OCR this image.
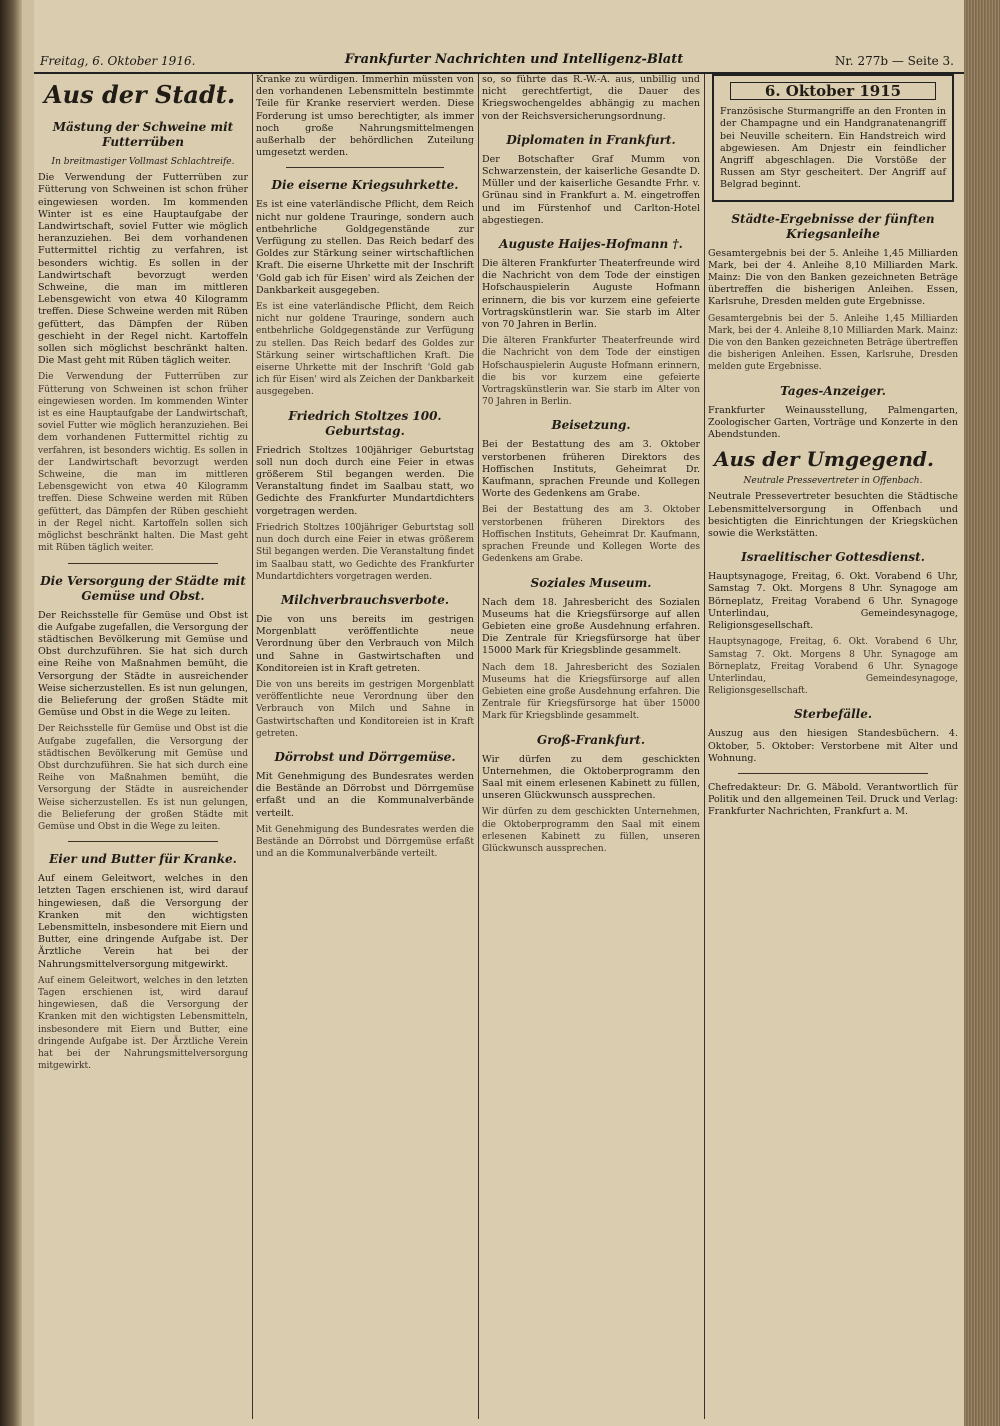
Freitag, 6. Oktober 1916.	Frankfurter Nachrichten und Intelligenz-Blatt	Nr. 277b — Seite 3.
Aus der Stadt.
Mästung der Schweine mit Futterrüben
In breitmastiger Vollmast Schlachtreife.

Die Verwendung der Futterrüben zur Fütterung von Schweinen ist schon früher eingewiesen worden. Im kommenden Winter ist es eine Hauptaufgabe der Landwirtschaft, soviel Futter wie möglich heranzuziehen. Bei dem vorhandenen Futtermittel richtig zu verfahren, ist besonders wichtig. Es sollen in der Landwirtschaft bevorzugt werden Schweine, die man im mittleren Lebensgewicht von etwa 40 Kilogramm treffen. Diese Schweine werden mit Rüben gefüttert, das Dämpfen der Rüben geschieht in der Regel nicht. Kartoffeln sollen sich möglichst beschränkt halten. Die Mast geht mit Rüben täglich weiter.

Die Verwendung der Futterrüben zur Fütterung von Schweinen ist schon früher eingewiesen worden. Im kommenden Winter ist es eine Hauptaufgabe der Landwirtschaft, soviel Futter wie möglich heranzuziehen. Bei dem vorhandenen Futtermittel richtig zu verfahren, ist besonders wichtig. Es sollen in der Landwirtschaft bevorzugt werden Schweine, die man im mittleren Lebensgewicht von etwa 40 Kilogramm treffen. Diese Schweine werden mit Rüben gefüttert, das Dämpfen der Rüben geschieht in der Regel nicht. Kartoffeln sollen sich möglichst beschränkt halten. Die Mast geht mit Rüben täglich weiter.
Die Versorgung der Städte mit Gemüse und Obst.

Der Reichsstelle für Gemüse und Obst ist die Aufgabe zugefallen, die Versorgung der städtischen Bevölkerung mit Gemüse und Obst durchzuführen. Sie hat sich durch eine Reihe von Maßnahmen bemüht, die Versorgung der Städte in ausreichender Weise sicherzustellen. Es ist nun gelungen, die Belieferung der großen Städte mit Gemüse und Obst in die Wege zu leiten.

Der Reichsstelle für Gemüse und Obst ist die Aufgabe zugefallen, die Versorgung der städtischen Bevölkerung mit Gemüse und Obst durchzuführen. Sie hat sich durch eine Reihe von Maßnahmen bemüht, die Versorgung der Städte in ausreichender Weise sicherzustellen. Es ist nun gelungen, die Belieferung der großen Städte mit Gemüse und Obst in die Wege zu leiten.
Eier und Butter für Kranke.

Auf einem Geleitwort, welches in den letzten Tagen erschienen ist, wird darauf hingewiesen, daß die Versorgung der Kranken mit den wichtigsten Lebensmitteln, insbesondere mit Eiern und Butter, eine dringende Aufgabe ist. Der Ärztliche Verein hat bei der Nahrungsmittelversorgung mitgewirkt.

Auf einem Geleitwort, welches in den letzten Tagen erschienen ist, wird darauf hingewiesen, daß die Versorgung der Kranken mit den wichtigsten Lebensmitteln, insbesondere mit Eiern und Butter, eine dringende Aufgabe ist. Der Ärztliche Verein hat bei der Nahrungsmittelversorgung mitgewirkt.

Kranke zu würdigen. Immerhin müssten von den vorhandenen Lebensmitteln bestimmte Teile für Kranke reserviert werden. Diese Forderung ist umso berechtigter, als immer noch große Nahrungsmittelmengen außerhalb der behördlichen Zuteilung umgesetzt werden.

Die eiserne Kriegsuhrkette.

Es ist eine vaterländische Pflicht, dem Reich nicht nur goldene Trauringe, sondern auch entbehrliche Goldgegenstände zur Verfügung zu stellen. Das Reich bedarf des Goldes zur Stärkung seiner wirtschaftlichen Kraft. Die eiserne Uhrkette mit der Inschrift 'Gold gab ich für Eisen' wird als Zeichen der Dankbarkeit ausgegeben.

Es ist eine vaterländische Pflicht, dem Reich nicht nur goldene Trauringe, sondern auch entbehrliche Goldgegenstände zur Verfügung zu stellen. Das Reich bedarf des Goldes zur Stärkung seiner wirtschaftlichen Kraft. Die eiserne Uhrkette mit der Inschrift 'Gold gab ich für Eisen' wird als Zeichen der Dankbarkeit ausgegeben.
Friedrich Stoltzes 100. Geburtstag.

Friedrich Stoltzes 100jähriger Geburtstag soll nun doch durch eine Feier in etwas größerem Stil begangen werden. Die Veranstaltung findet im Saalbau statt, wo Gedichte des Frankfurter Mundartdichters vorgetragen werden.

Friedrich Stoltzes 100jähriger Geburtstag soll nun doch durch eine Feier in etwas größerem Stil begangen werden. Die Veranstaltung findet im Saalbau statt, wo Gedichte des Frankfurter Mundartdichters vorgetragen werden.
Milchverbrauchsverbote.

Die von uns bereits im gestrigen Morgenblatt veröffentlichte neue Verordnung über den Verbrauch von Milch und Sahne in Gastwirtschaften und Konditoreien ist in Kraft getreten.

Die von uns bereits im gestrigen Morgenblatt veröffentlichte neue Verordnung über den Verbrauch von Milch und Sahne in Gastwirtschaften und Konditoreien ist in Kraft getreten.
Dörrobst und Dörrgemüse.

Mit Genehmigung des Bundesrates werden die Bestände an Dörrobst und Dörrgemüse erfaßt und an die Kommunalverbände verteilt.

Mit Genehmigung des Bundesrates werden die Bestände an Dörrobst und Dörrgemüse erfaßt und an die Kommunalverbände verteilt.

so, so führte das R.-W.-A. aus, unbillig und nicht gerechtfertigt, die Dauer des Kriegswochengeldes abhängig zu machen von der Reichsversicherungsordnung.

Diplomaten in Frankfurt.

Der Botschafter Graf Mumm von Schwarzenstein, der kaiserliche Gesandte D. Müller und der kaiserliche Gesandte Frhr. v. Grünau sind in Frankfurt a. M. eingetroffen und im Fürstenhof und Carlton-Hotel abgestiegen.

Auguste Haijes-Hofmann †.

Die älteren Frankfurter Theaterfreunde wird die Nachricht von dem Tode der einstigen Hofschauspielerin Auguste Hofmann erinnern, die bis vor kurzem eine gefeierte Vortragskünstlerin war. Sie starb im Alter von 70 Jahren in Berlin.

Die älteren Frankfurter Theaterfreunde wird die Nachricht von dem Tode der einstigen Hofschauspielerin Auguste Hofmann erinnern, die bis vor kurzem eine gefeierte Vortragskünstlerin war. Sie starb im Alter von 70 Jahren in Berlin.
Beisetzung.

Bei der Bestattung des am 3. Oktober verstorbenen früheren Direktors des Hoffischen Instituts, Geheimrat Dr. Kaufmann, sprachen Freunde und Kollegen Worte des Gedenkens am Grabe.

Bei der Bestattung des am 3. Oktober verstorbenen früheren Direktors des Hoffischen Instituts, Geheimrat Dr. Kaufmann, sprachen Freunde und Kollegen Worte des Gedenkens am Grabe.
Soziales Museum.

Nach dem 18. Jahresbericht des Sozialen Museums hat die Kriegsfürsorge auf allen Gebieten eine große Ausdehnung erfahren. Die Zentrale für Kriegsfürsorge hat über 15000 Mark für Kriegsblinde gesammelt.

Nach dem 18. Jahresbericht des Sozialen Museums hat die Kriegsfürsorge auf allen Gebieten eine große Ausdehnung erfahren. Die Zentrale für Kriegsfürsorge hat über 15000 Mark für Kriegsblinde gesammelt.
Groß-Frankfurt.

Wir dürfen zu dem geschickten Unternehmen, die Oktoberprogramm den Saal mit einem erlesenen Kabinett zu füllen, unseren Glückwunsch aussprechen.

Wir dürfen zu dem geschickten Unternehmen, die Oktoberprogramm den Saal mit einem erlesenen Kabinett zu füllen, unseren Glückwunsch aussprechen.
6. Oktober 1915

Französische Sturmangriffe an den Fronten in der Champagne und ein Handgranatenangriff bei Neuville scheitern. Ein Handstreich wird abgewiesen. Am Dnjestr ein feindlicher Angriff abgeschlagen. Die Vorstöße der Russen am Styr gescheitert. Der Angriff auf Belgrad beginnt.

Städte-Ergebnisse der fünften Kriegsanleihe

Gesamtergebnis bei der 5. Anleihe 1,45 Milliarden Mark, bei der 4. Anleihe 8,10 Milliarden Mark. Mainz: Die von den Banken gezeichneten Beträge übertreffen die bisherigen Anleihen. Essen, Karlsruhe, Dresden melden gute Ergebnisse.

Gesamtergebnis bei der 5. Anleihe 1,45 Milliarden Mark, bei der 4. Anleihe 8,10 Milliarden Mark. Mainz: Die von den Banken gezeichneten Beträge übertreffen die bisherigen Anleihen. Essen, Karlsruhe, Dresden melden gute Ergebnisse.
Tages-Anzeiger.

Frankfurter Weinausstellung, Palmengarten, Zoologischer Garten, Vorträge und Konzerte in den Abendstunden.

Aus der Umgegend.
Neutrale Pressevertreter in Offenbach.

Neutrale Pressevertreter besuchten die Städtische Lebensmittelversorgung in Offenbach und besichtigten die Einrichtungen der Kriegsküchen sowie die Werkstätten.

Israelitischer Gottesdienst.

Hauptsynagoge, Freitag, 6. Okt. Vorabend 6 Uhr, Samstag 7. Okt. Morgens 8 Uhr. Synagoge am Börneplatz, Freitag Vorabend 6 Uhr. Synagoge Unterlindau, Gemeindesynagoge, Religionsgesellschaft.

Hauptsynagoge, Freitag, 6. Okt. Vorabend 6 Uhr, Samstag 7. Okt. Morgens 8 Uhr. Synagoge am Börneplatz, Freitag Vorabend 6 Uhr. Synagoge Unterlindau, Gemeindesynagoge, Religionsgesellschaft.
Sterbefälle.

Auszug aus den hiesigen Standesbüchern. 4. Oktober, 5. Oktober: Verstorbene mit Alter und Wohnung.

Chefredakteur: Dr. G. Mäbold. Verantwortlich für Politik und den allgemeinen Teil. Druck und Verlag: Frankfurter Nachrichten, Frankfurt a. M.
